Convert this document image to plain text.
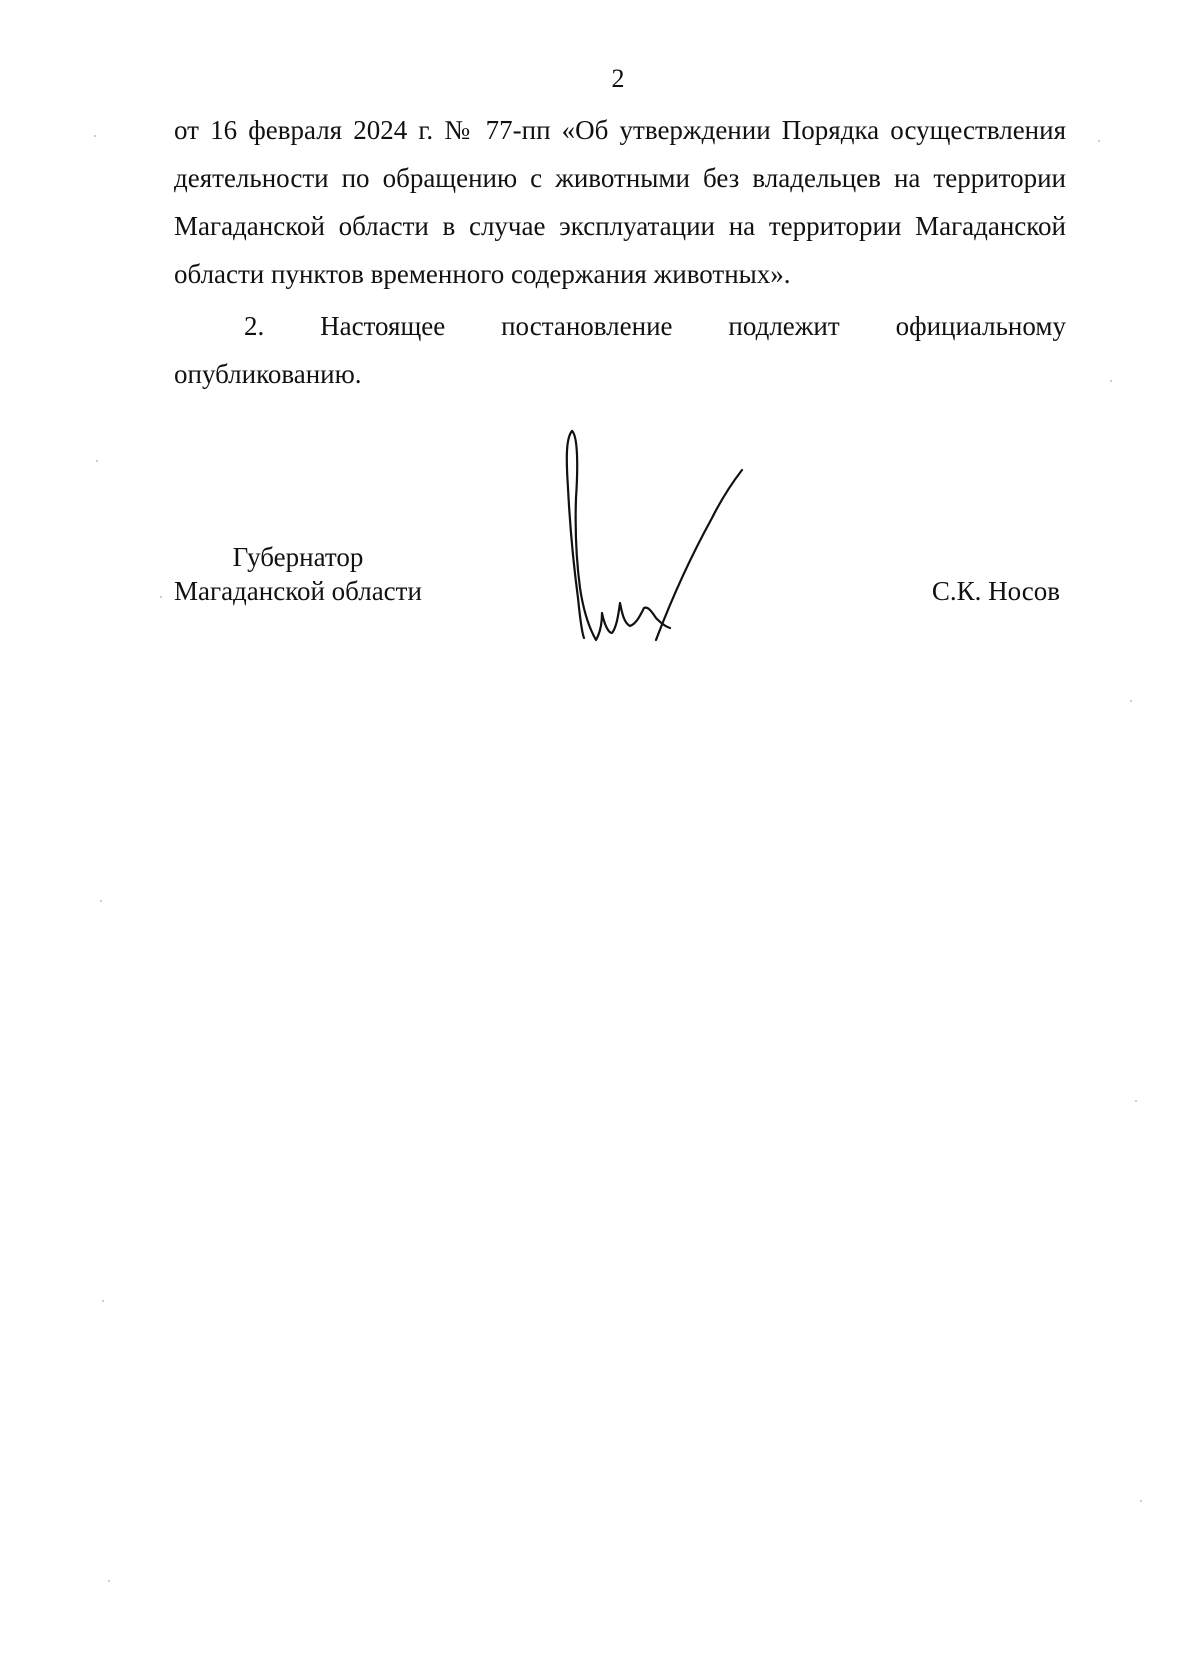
2
от 16 февраля 2024 г. № 77-пп «Об утверждении Порядка осуществления деятельности по обращению с животными без владельцев на территории Магаданской области в случае эксплуатации на территории Магаданской области пунктов временного содержания животных».
2. Настоящее постановление подлежит официальному
опубликованию.
Губернатор
Магаданской области	С.К. Носов
